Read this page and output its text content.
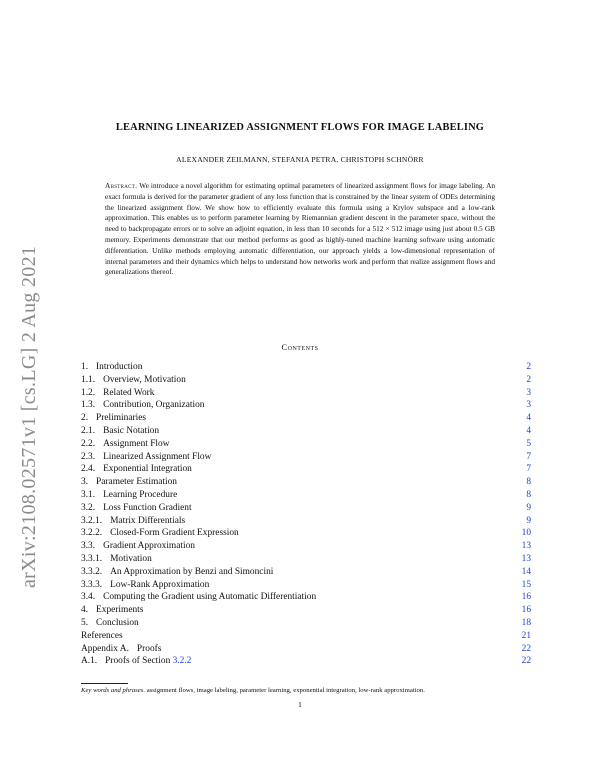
arXiv:2108.02571v1 [cs.LG] 2 Aug 2021
LEARNING LINEARIZED ASSIGNMENT FLOWS FOR IMAGE LABELING
ALEXANDER ZEILMANN, STEFANIA PETRA, CHRISTOPH SCHNÖRR
Abstract. We introduce a novel algorithm for estimating optimal parameters of linearized assignment flows for image labeling. An exact formula is derived for the parameter gradient of any loss function that is constrained by the linear system of ODEs determining the linearized assignment flow. We show how to efficiently evaluate this formula using a Krylov subspace and a low-rank approximation. This enables us to perform parameter learning by Riemannian gradient descent in the parameter space, without the need to backpropagate errors or to solve an adjoint equation, in less than 10 seconds for a 512 × 512 image using just about 0.5 GB memory. Experiments demonstrate that our method performs as good as highly-tuned machine learning software using automatic differentiation. Unlike methods employing automatic differentiation, our approach yields a low-dimensional representation of internal parameters and their dynamics which helps to understand how networks work and perform that realize assignment flows and generalizations thereof.
Contents
1. Introduction	2
1.1. Overview, Motivation	2
1.2. Related Work	3
1.3. Contribution, Organization	3
2. Preliminaries	4
2.1. Basic Notation	4
2.2. Assignment Flow	5
2.3. Linearized Assignment Flow	7
2.4. Exponential Integration	7
3. Parameter Estimation	8
3.1. Learning Procedure	8
3.2. Loss Function Gradient	9
3.2.1. Matrix Differentials	9
3.2.2. Closed-Form Gradient Expression	10
3.3. Gradient Approximation	13
3.3.1. Motivation	13
3.3.2. An Approximation by Benzi and Simoncini	14
3.3.3. Low-Rank Approximation	15
3.4. Computing the Gradient using Automatic Differentiation	16
4. Experiments	16
5. Conclusion	18
References	21
Appendix A. Proofs	22
A.1. Proofs of Section 3.2.2	22
Key words and phrases. assignment flows, image labeling, parameter learning, exponential integration, low-rank approximation.
1
